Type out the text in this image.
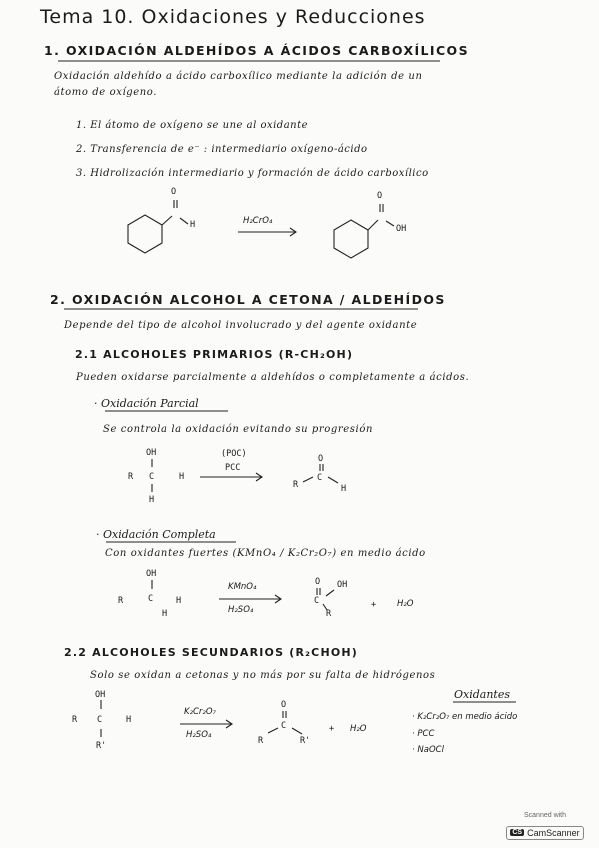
Tema 10. Oxidaciones y Reducciones
1. OXIDACIÓN ALDEHÍDOS A ÁCIDOS CARBOXÍLICOS
Oxidación aldehído a ácido carboxílico mediante la adición de un
átomo de oxígeno.
1. El átomo de oxígeno se une al oxidante
2. Transferencia de e⁻ : intermediario oxígeno-ácido
3. Hidrolización intermediario y formación de ácido carboxílico
O
H	H₂CrO₄
O
OH
2. OXIDACIÓN ALCOHOL A CETONA / ALDEHÍDOS
Depende del tipo de alcohol involucrado y del agente oxidante
2.1 ALCOHOLES PRIMARIOS (R-CH₂OH)
Pueden oxidarse parcialmente a aldehídos o completamente a ácidos.
· Oxidación Parcial
Se controla la oxidación evitando su progresión
OH
R C	H
H
(POC)
PCC
O
R
C
H
· Oxidación Completa
Con oxidantes fuertes (KMnO₄ / K₂Cr₂O₇) en medio ácido
OH
R	C	H
H
KMnO₄
H₂SO₄
O OH
C
R
+ H₂O
2.2 ALCOHOLES SECUNDARIOS (R₂CHOH)
Solo se oxidan a cetonas y no más por su falta de hidrógenos
OH
R C	H
R'
K₂Cr₂O₇
H₂SO₄
O
R
C
R'
+ H₂O
Oxidantes
· K₂Cr₂O₇ en medio ácido
· PCC
· NaOCl
Scanned with
CS CamScanner
